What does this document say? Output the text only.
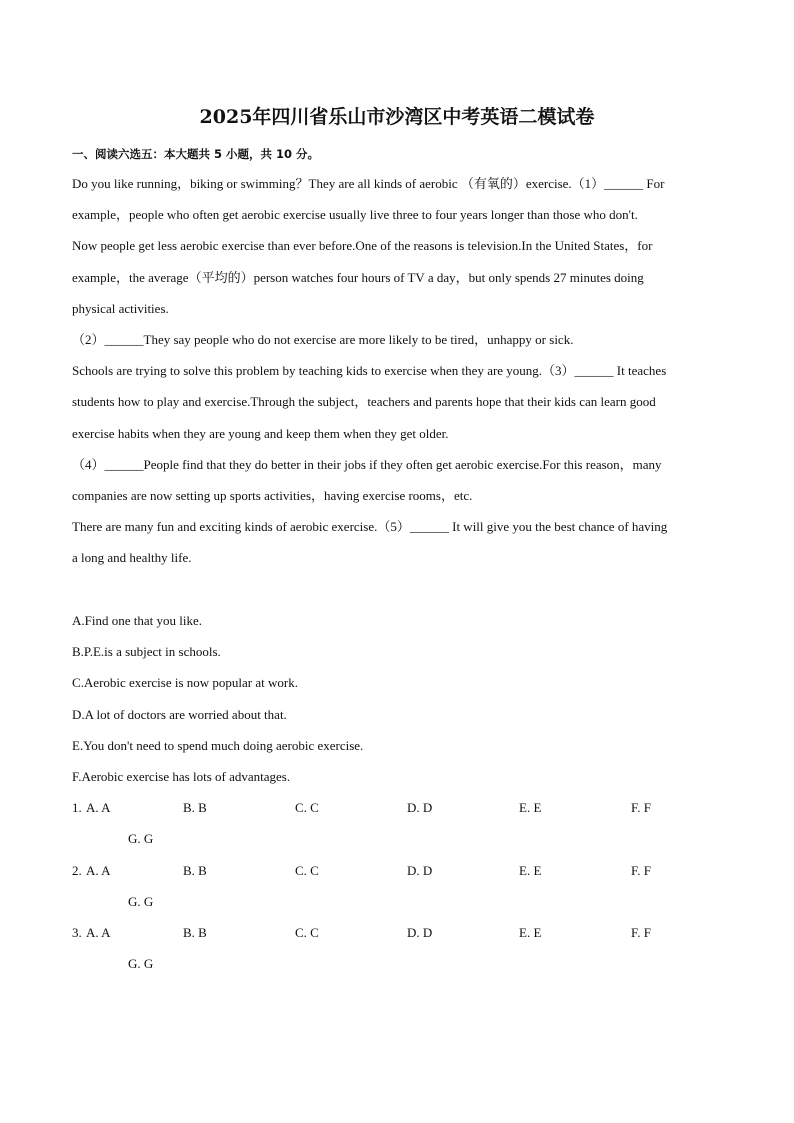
2025年四川省乐山市沙湾区中考英语二模试卷
一、阅读六选五：本大题共 5 小题，共 10 分。
Do you like running，biking or swimming？They are all kinds of aerobic （有氧的）exercise.（1）______ For
example，people who often get aerobic exercise usually live three to four years longer than those who don't.
Now people get less aerobic exercise than ever before.One of the reasons is television.In the United States，for
example，the average（平均的）person watches four hours of TV a day，but only spends 27 minutes doing
physical activities.
（2）______They say people who do not exercise are more likely to be tired，unhappy or sick.
Schools are trying to solve this problem by teaching kids to exercise when they are young.（3）______ It teaches
students how to play and exercise.Through the subject，teachers and parents hope that their kids can learn good
exercise habits when they are young and keep them when they get older.
（4）______People find that they do better in their jobs if they often get aerobic exercise.For this reason，many
companies are now setting up sports activities，having exercise rooms，etc.
There are many fun and exciting kinds of aerobic exercise.（5）______ It will give you the best chance of having
a long and healthy life.
A.Find one that you like.
B.P.E.is a subject in schools.
C.Aerobic exercise is now popular at work.
D.A lot of doctors are worried about that.
E.You don't need to spend much doing aerobic exercise.
F.Aerobic exercise has lots of advantages.
1. A. A	B. B	C. C	D. D	E. E	F. F
G. G
2. A. A	B. B	C. C	D. D	E. E	F. F
G. G
3. A. A	B. B	C. C	D. D	E. E	F. F
G. G
